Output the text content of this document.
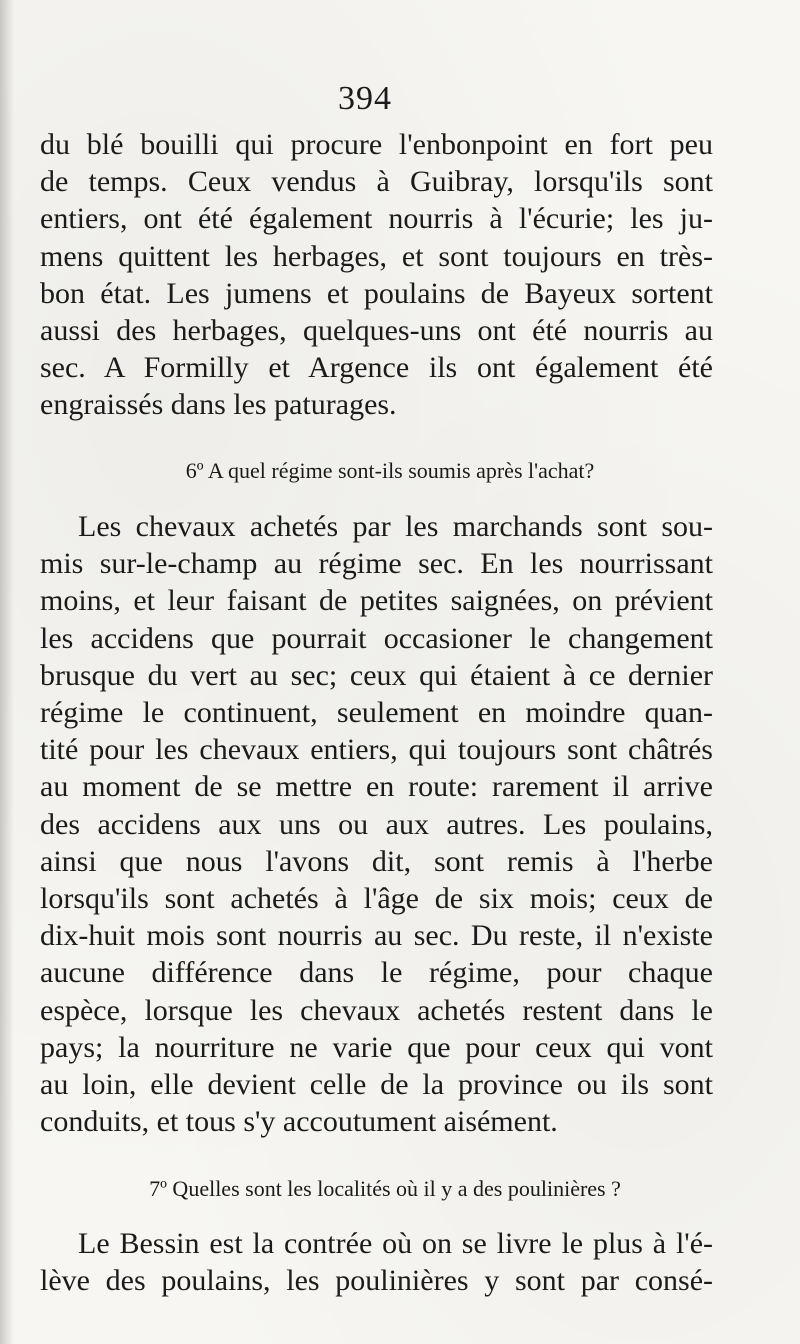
394
du blé bouilli qui procure l'enbonpoint en fort peu
de temps. Ceux vendus à Guibray, lorsqu'ils sont
entiers, ont été également nourris à l'écurie; les ju-
mens quittent les herbages, et sont toujours en très-
bon état. Les jumens et poulains de Bayeux sortent
aussi des herbages, quelques-uns ont été nourris au
sec. A Formilly et Argence ils ont également été
engraissés dans les paturages.
6º A quel régime sont-ils soumis après l'achat?
Les chevaux achetés par les marchands sont sou-
mis sur-le-champ au régime sec. En les nourrissant
moins, et leur faisant de petites saignées, on prévient
les accidens que pourrait occasioner le changement
brusque du vert au sec; ceux qui étaient à ce dernier
régime le continuent, seulement en moindre quan-
tité pour les chevaux entiers, qui toujours sont châtrés
au moment de se mettre en route: rarement il arrive
des accidens aux uns ou aux autres. Les poulains,
ainsi que nous l'avons dit, sont remis à l'herbe
lorsqu'ils sont achetés à l'âge de six mois; ceux de
dix-huit mois sont nourris au sec. Du reste, il n'existe
aucune différence dans le régime, pour chaque
espèce, lorsque les chevaux achetés restent dans le
pays; la nourriture ne varie que pour ceux qui vont
au loin, elle devient celle de la province ou ils sont
conduits, et tous s'y accoutument aisément.
7º Quelles sont les localités où il y a des poulinières ?
Le Bessin est la contrée où on se livre le plus à l'é-
lève des poulains, les poulinières y sont par consé-
